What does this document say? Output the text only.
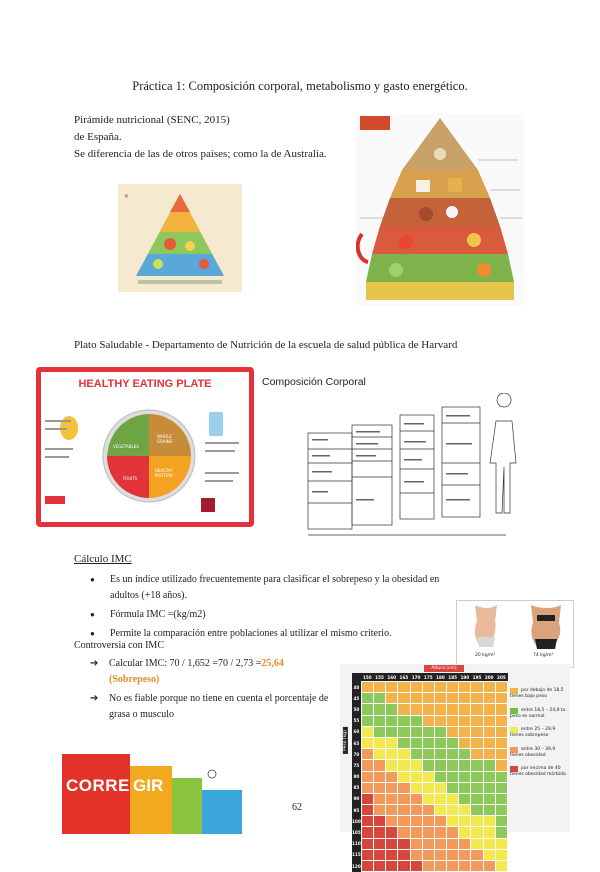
Práctica 1: Composición corporal, metabolismo y gasto energético.
Pirámide nutricional (SENC, 2015)
de España.
Se diferencia de las de otros países; como la de Australia.
✕
Plato Saludable - Departamento de Nutrición de la escuela de salud pública de Harvard
HEALTHY EATING PLATE
VEGETABLES
WHOLE GRAINS
HEALTHY PROTEIN
FRUITS
Composición Corporal
Cálculo IMC
● Es un índice utilizado frecuentemente para clasificar el sobrepeso y la obesidad en adultos (+18 años).
● Fórmula IMC =(kg/m2)
● Permite la comparación entre poblaciones al utilizar el mismo criterio.
Controversia con IMC
➔ Calcular IMC: 70 / 1,652 =70 / 2,73 =25,64
(Sobrepeso)
➔ No es fiable porque no tiene en cuenta el porcentaje de grasa o musculo
20 kg/m²	74 kg/m²
Altura (cm)
Peso (kg)
	150	155	160	165	170	175	180	185	190	195	200	205
40												
45												
50												
55												
60												
65												
70												
75												
80												
85												
90												
95												
100												
105												
110												
115												
120												
por debajo de 18,5 tienes bajo peso
entre 18,5 – 24,9 tu peso es normal
entre 25 – 29,9 tienes sobrepeso
entre 30 – 39,9 tienes obesidad
por encima de 40 tienes obesidad mórbida
CORRE GIR
62
